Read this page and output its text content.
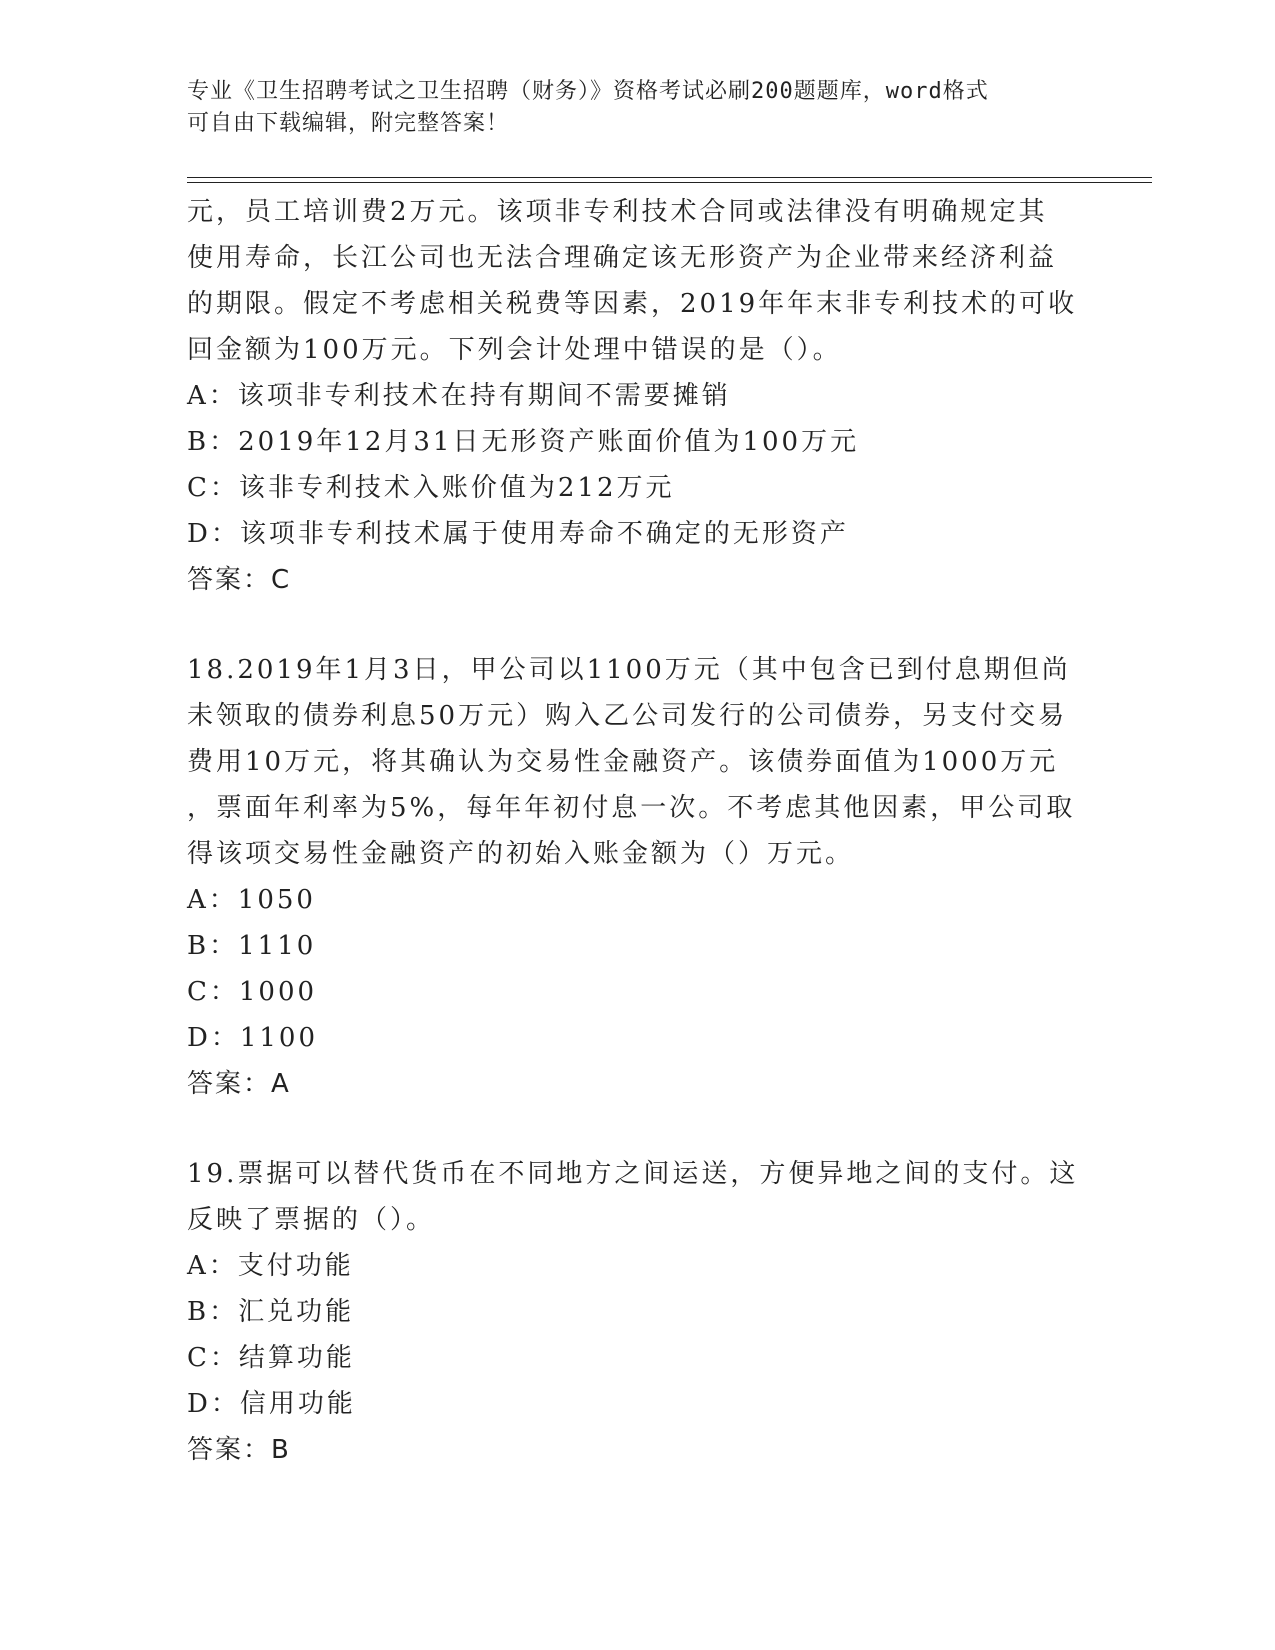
专业《卫生招聘考试之卫生招聘（财务）》资格考试必刷200题题库，word格式
可自由下载编辑，附完整答案！

元，员工培训费2万元。该项非专利技术合同或法律没有明确规定其

使用寿命，长江公司也无法合理确定该无形资产为企业带来经济利益

的期限。假定不考虑相关税费等因素，2019年年末非专利技术的可收

回金额为100万元。下列会计处理中错误的是（）。

A：该项非专利技术在持有期间不需要摊销

B：2019年12月31日无形资产账面价值为100万元

C：该非专利技术入账价值为212万元

D：该项非专利技术属于使用寿命不确定的无形资产

答案：C

18.2019年1月3日，甲公司以1100万元（其中包含已到付息期但尚

未领取的债券利息50万元）购入乙公司发行的公司债券，另支付交易

费用10万元，将其确认为交易性金融资产。该债券面值为1000万元

，票面年利率为5%，每年年初付息一次。不考虑其他因素，甲公司取

得该项交易性金融资产的初始入账金额为（）万元。

A：1050

B：1110

C：1000

D：1100

答案：A

19.票据可以替代货币在不同地方之间运送，方便异地之间的支付。这

反映了票据的（）。

A：支付功能

B：汇兑功能

C：结算功能

D：信用功能

答案：B
